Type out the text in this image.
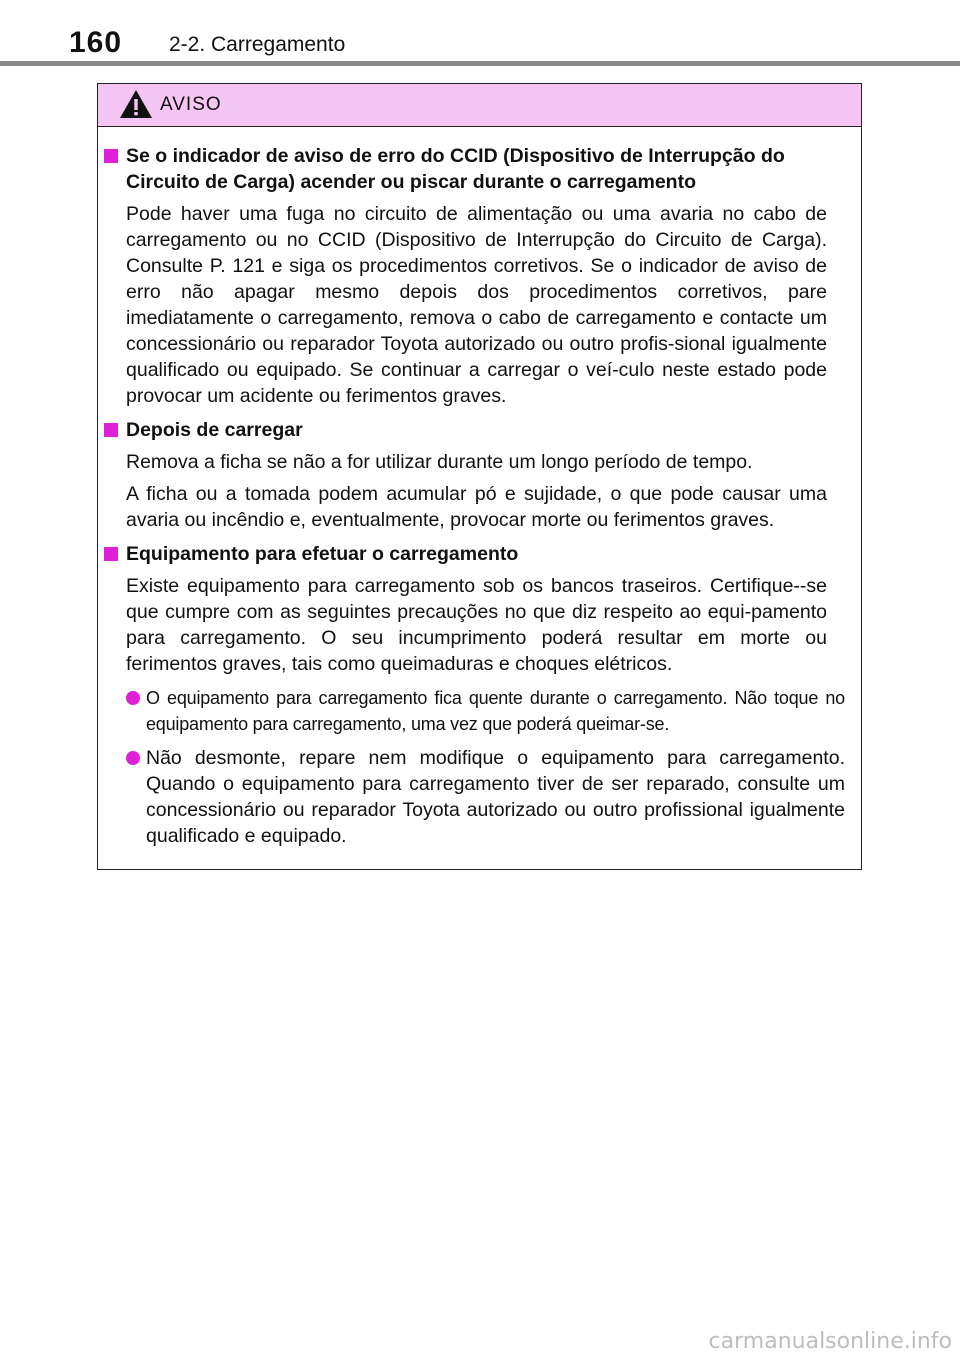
160 2-2. Carregamento
AVISO
Se o indicador de aviso de erro do CCID (Dispositivo de Interrupção do Circuito de Carga) acender ou piscar durante o carregamento

Pode haver uma fuga no circuito de alimentação ou uma avaria no cabo de carregamento ou no CCID (Dispositivo de Interrupção do Circuito de Carga). Consulte P. 121 e siga os procedimentos corretivos. Se o indicador de aviso de erro não apagar mesmo depois dos procedimentos corretivos, pare imediatamente o carregamento, remova o cabo de carregamento e contacte um concessionário ou reparador Toyota autorizado ou outro profis-sional igualmente qualificado ou equipado. Se continuar a carregar o veí-culo neste estado pode provocar um acidente ou ferimentos graves.

Depois de carregar

Remova a ficha se não a for utilizar durante um longo período de tempo.

A ficha ou a tomada podem acumular pó e sujidade, o que pode causar uma avaria ou incêndio e, eventualmente, provocar morte ou ferimentos graves.

Equipamento para efetuar o carregamento

Existe equipamento para carregamento sob os bancos traseiros. Certifique--se que cumpre com as seguintes precauções no que diz respeito ao equi-pamento para carregamento. O seu incumprimento poderá resultar em morte ou ferimentos graves, tais como queimaduras e choques elétricos.

O equipamento para carregamento fica quente durante o carregamento. Não toque no equipamento para carregamento, uma vez que poderá queimar-se.
Não desmonte, repare nem modifique o equipamento para carregamento. Quando o equipamento para carregamento tiver de ser reparado, consulte um concessionário ou reparador Toyota autorizado ou outro profissional igualmente qualificado e equipado.
carmanualsonline.info
